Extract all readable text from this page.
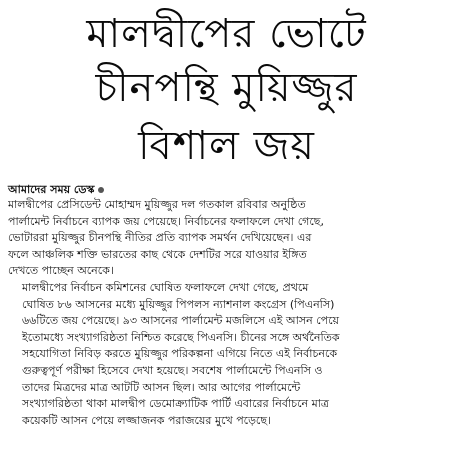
মালদ্বীপের ভোটে
চীনপন্থি মুয়িজ্জুর
বিশাল জয়
আমাদের সময় ডেস্ক

মালদ্বীপের প্রেসিডেন্ট মোহাম্মদ মুয়িজ্জুর দল গতকাল রবিবার অনুষ্ঠিত
পার্লামেন্ট নির্বাচনে ব্যাপক জয় পেয়েছে। নির্বাচনের ফলাফলে দেখা গেছে,
ভোটাররা মুয়িজ্জুর চীনপন্থি নীতির প্রতি ব্যাপক সমর্থন দেখিয়েছেন। এর
ফলে আঞ্চলিক শক্তি ভারতের কাছ থেকে দেশটির সরে যাওয়ার ইঙ্গিত
দেখতে পাচ্ছেন অনেকে।

মালদ্বীপের নির্বাচন কমিশনের ঘোষিত ফলাফলে দেখা গেছে, প্রথমে
ঘোষিত ৮৬ আসনের মধ্যে মুয়িজ্জুর পিপলস ন্যাশনাল কংগ্রেস (পিএনসি)
৬৬টিতে জয় পেয়েছে। ৯৩ আসনের পার্লামেন্ট মজলিসে এই আসন পেয়ে
ইতোমধ্যে সংখ্যাগরিষ্ঠতা নিশ্চিত করেছে পিএনসি। চীনের সঙ্গে অর্থনৈতিক
সহযোগিতা নিবিড় করতে মুয়িজ্জুর পরিকল্পনা এগিয়ে নিতে এই নির্বাচনকে
গুরুত্বপূর্ণ পরীক্ষা হিসেবে দেখা হয়েছে। সবশেষ পার্লামেন্টে পিএনসি ও
তাদের মিত্রদের মাত্র আটটি আসন ছিল। আর আগের পার্লামেন্টে
সংখ্যাগরিষ্ঠতা থাকা মালদ্বীপ ডেমোক্র্যাটিক পার্টি এবারের নির্বাচনে মাত্র
কয়েকটি আসন পেয়ে লজ্জাজনক পরাজয়ের মুখে পড়েছে।
